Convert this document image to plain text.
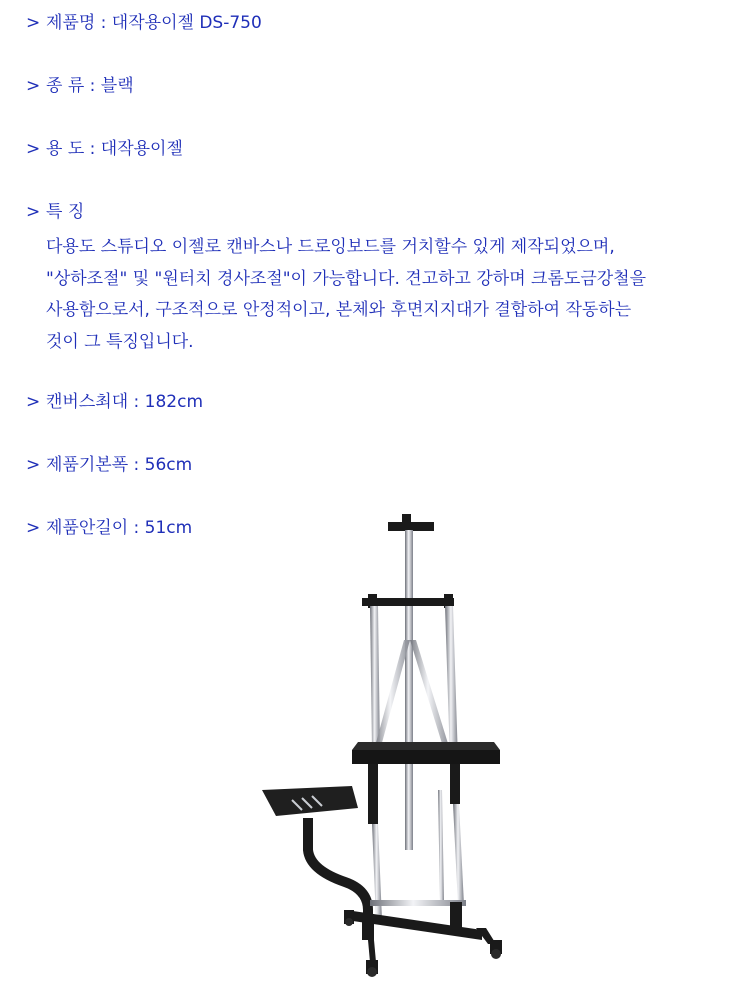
> 제품명 : 대작용이젤 DS-750
> 종 류 : 블랙
> 용 도 : 대작용이젤
> 특 징
다용도 스튜디오 이젤로 캔바스나 드로잉보드를 거치할수 있게 제작되었으며,
"상하조절" 및 "원터치 경사조절"이 가능합니다. 견고하고 강하며 크롬도금강철을
사용함으로서, 구조적으로 안정적이고, 본체와 후면지지대가 결합하여 작동하는
것이 그 특징입니다.
> 캔버스최대 : 182cm
> 제품기본폭 : 56cm
> 제품안길이 : 51cm
